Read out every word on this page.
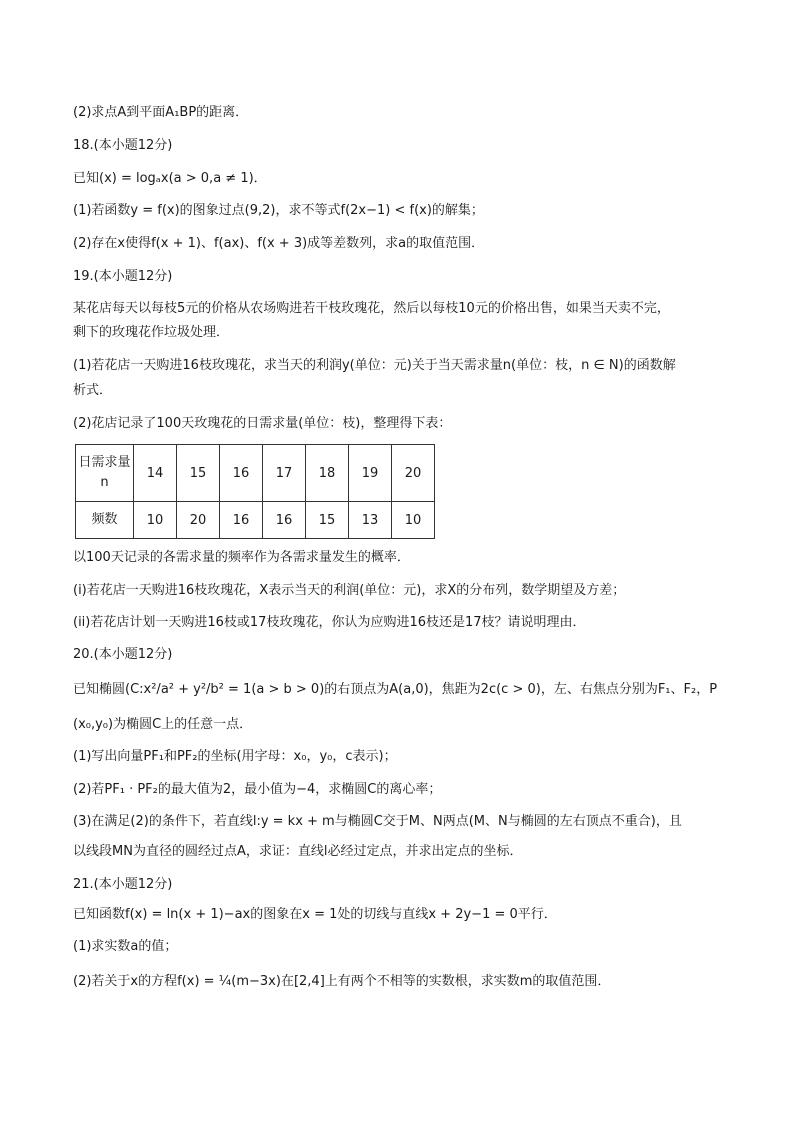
(2)求点A到平面A₁BP的距离．
18.(本小题12分)
已知(x) = logₐx(a > 0,a ≠ 1)．
(1)若函数y = f(x)的图象过点(9,2)，求不等式f(2x−1) < f(x)的解集；
(2)存在x使得f(x + 1)、f(ax)、f(x + 3)成等差数列，求a的取值范围．
19.(本小题12分)
某花店每天以每枝5元的价格从农场购进若干枝玫瑰花，然后以每枝10元的价格出售，如果当天卖不完，
剩下的玫瑰花作垃圾处理．
(1)若花店一天购进16枝玫瑰花，求当天的利润y(单位：元)关于当天需求量n(单位：枝，n ∈ N)的函数解
析式．
(2)花店记录了100天玫瑰花的日需求量(单位：枝)，整理得下表：
日需求量n	14	15	16	17	18	19	20
频数	10	20	16	16	15	13	10
以100天记录的各需求量的频率作为各需求量发生的概率．
(i)若花店一天购进16枝玫瑰花，X表示当天的利润(单位：元)，求X的分布列，数学期望及方差；
(ii)若花店计划一天购进16枝或17枝玫瑰花，你认为应购进16枝还是17枝？请说明理由．
20.(本小题12分)
已知椭圆(C:x²/a² + y²/b² = 1(a > b > 0)的右顶点为A(a,0)，焦距为2c(c > 0)，左、右焦点分别为F₁、F₂，P
(x₀,y₀)为椭圆C上的任意一点．
(1)写出向量PF₁和PF₂的坐标(用字母：x₀，y₀，c表示)；
(2)若PF₁ · PF₂的最大值为2，最小值为−4，求椭圆C的离心率；
(3)在满足(2)的条件下，若直线l:y = kx + m与椭圆C交于M、N两点(M、N与椭圆的左右顶点不重合)，且
以线段MN为直径的圆经过点A，求证：直线l必经过定点，并求出定点的坐标．
21.(本小题12分)
已知函数f(x) = ln(x + 1)−ax的图象在x = 1处的切线与直线x + 2y−1 = 0平行．
(1)求实数a的值；
(2)若关于x的方程f(x) = ¼(m−3x)在[2,4]上有两个不相等的实数根，求实数m的取值范围．
